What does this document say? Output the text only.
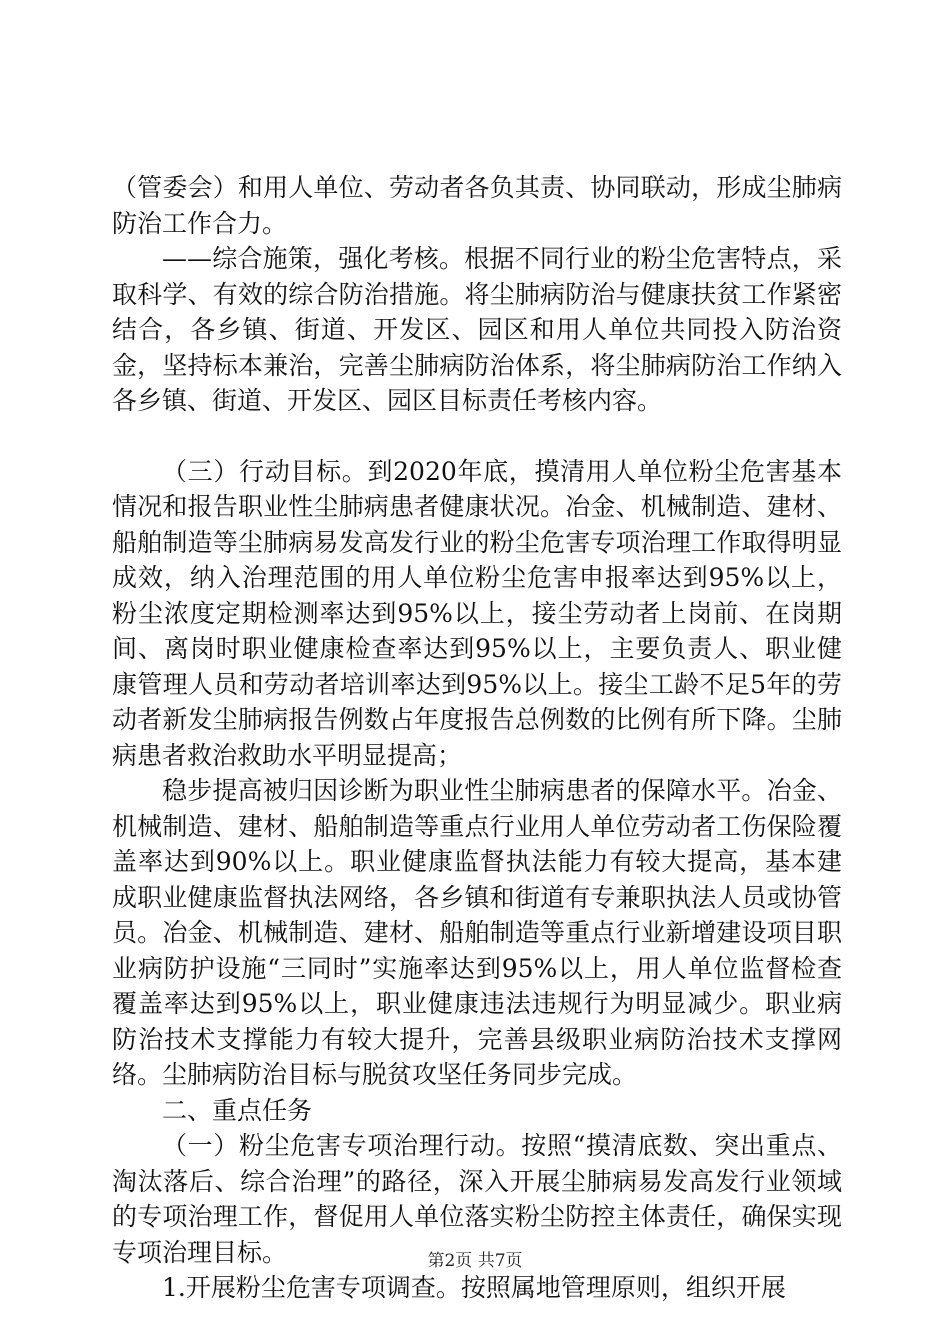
（管委会）和用人单位、劳动者各负其责、协同联动，形成尘肺病防治工作合力。

——综合施策，强化考核。根据不同行业的粉尘危害特点，采取科学、有效的综合防治措施。将尘肺病防治与健康扶贫工作紧密结合，各乡镇、街道、开发区、园区和用人单位共同投入防治资金，坚持标本兼治，完善尘肺病防治体系，将尘肺病防治工作纳入各乡镇、街道、开发区、园区目标责任考核内容。

（三）行动目标。到2020年底，摸清用人单位粉尘危害基本情况和报告职业性尘肺病患者健康状况。冶金、机械制造、建材、船舶制造等尘肺病易发高发行业的粉尘危害专项治理工作取得明显成效，纳入治理范围的用人单位粉尘危害申报率达到95%以上，粉尘浓度定期检测率达到95%以上，接尘劳动者上岗前、在岗期间、离岗时职业健康检查率达到95%以上，主要负责人、职业健康管理人员和劳动者培训率达到95%以上。接尘工龄不足5年的劳动者新发尘肺病报告例数占年度报告总例数的比例有所下降。尘肺病患者救治救助水平明显提高；

稳步提高被归因诊断为职业性尘肺病患者的保障水平。冶金、机械制造、建材、船舶制造等重点行业用人单位劳动者工伤保险覆盖率达到90%以上。职业健康监督执法能力有较大提高，基本建成职业健康监督执法网络，各乡镇和街道有专兼职执法人员或协管员。冶金、机械制造、建材、船舶制造等重点行业新增建设项目职业病防护设施“三同时”实施率达到95%以上，用人单位监督检查覆盖率达到95%以上，职业健康违法违规行为明显减少。职业病防治技术支撑能力有较大提升，完善县级职业病防治技术支撑网络。尘肺病防治目标与脱贫攻坚任务同步完成。

二、重点任务

（一）粉尘危害专项治理行动。按照“摸清底数、突出重点、淘汰落后、综合治理”的路径，深入开展尘肺病易发高发行业领域的专项治理工作，督促用人单位落实粉尘防控主体责任，确保实现专项治理目标。

1.开展粉尘危害专项调查。按照属地管理原则，组织开展

第2页 共7页
